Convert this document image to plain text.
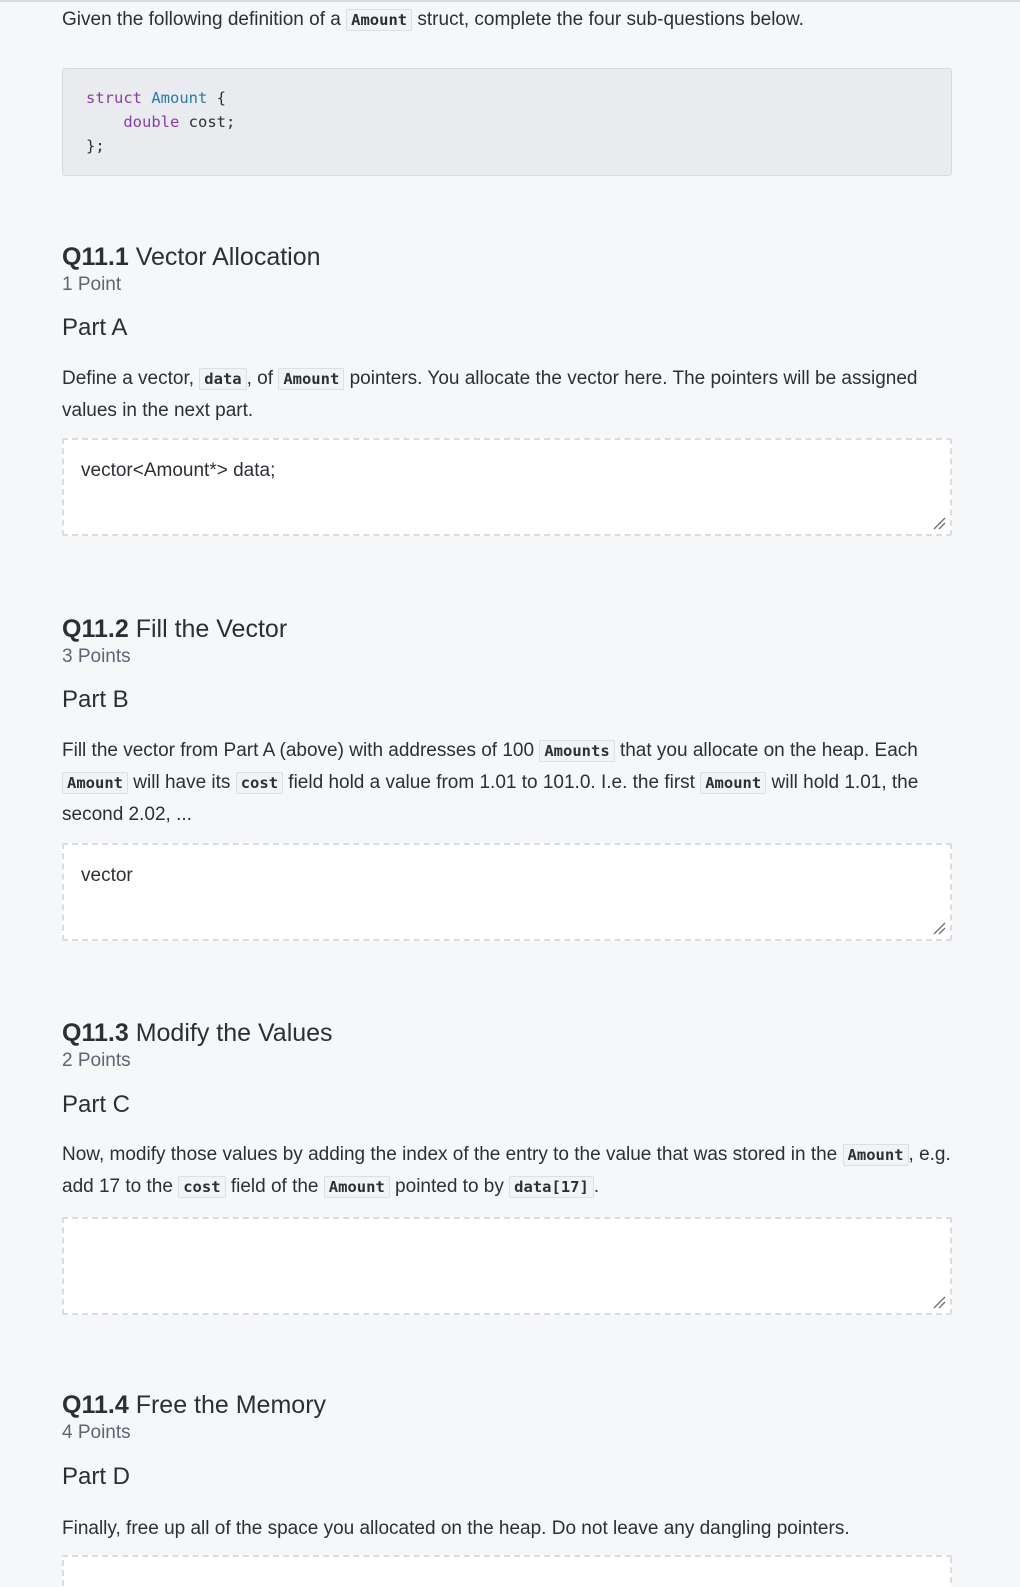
Given the following definition of a Amount struct, complete the four sub-questions below.
struct Amount {
double cost;
};
Q11.1 Vector Allocation
1 Point
Part A
Define a vector, data , of Amount pointers. You allocate the vector here. The pointers will be assigned values in the next part.
vector<Amount*> data;
Q11.2 Fill the Vector
3 Points
Part B
Fill the vector from Part A (above) with addresses of 100 Amounts that you allocate on the heap. Each Amount will have its cost field hold a value from 1.01 to 101.0. I.e. the first Amount will hold 1.01, the second 2.02, ...
vector
Q11.3 Modify the Values
2 Points
Part C
Now, modify those values by adding the index of the entry to the value that was stored in the Amount , e.g. add 17 to the cost field of the Amount pointed to by data[17] .
Q11.4 Free the Memory
4 Points
Part D
Finally, free up all of the space you allocated on the heap. Do not leave any dangling pointers.
